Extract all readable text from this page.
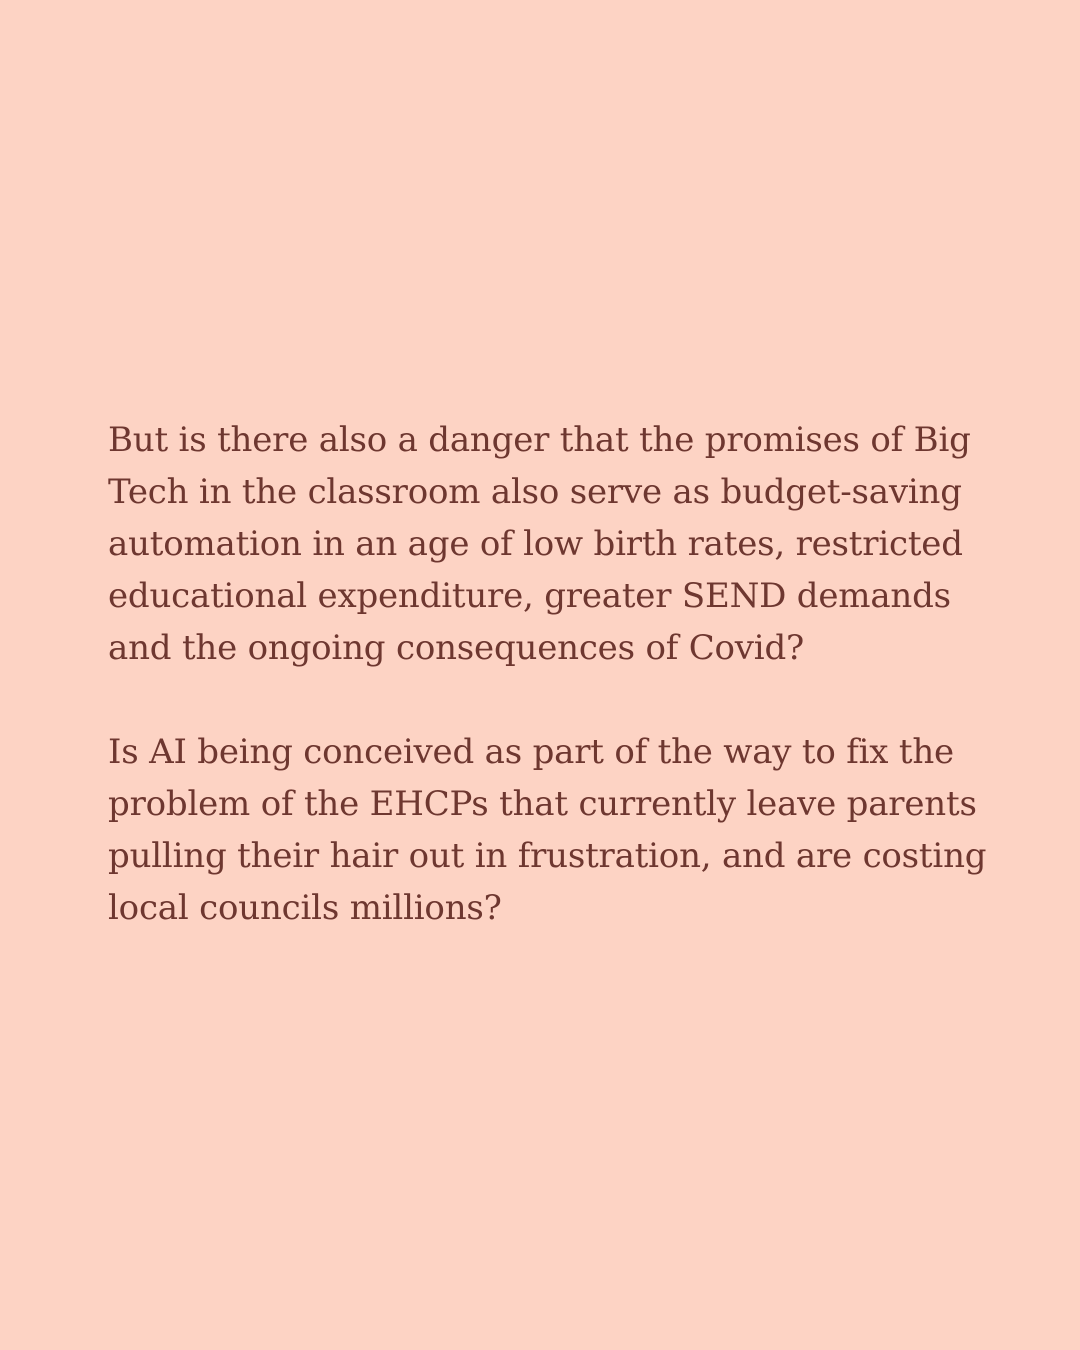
But is there also a danger that the promises of Big
Tech in the classroom also serve as budget-saving
automation in an age of low birth rates, restricted
educational expenditure, greater SEND demands
and the ongoing consequences of Covid?

Is AI being conceived as part of the way to fix the
problem of the EHCPs that currently leave parents
pulling their hair out in frustration, and are costing
local councils millions?
